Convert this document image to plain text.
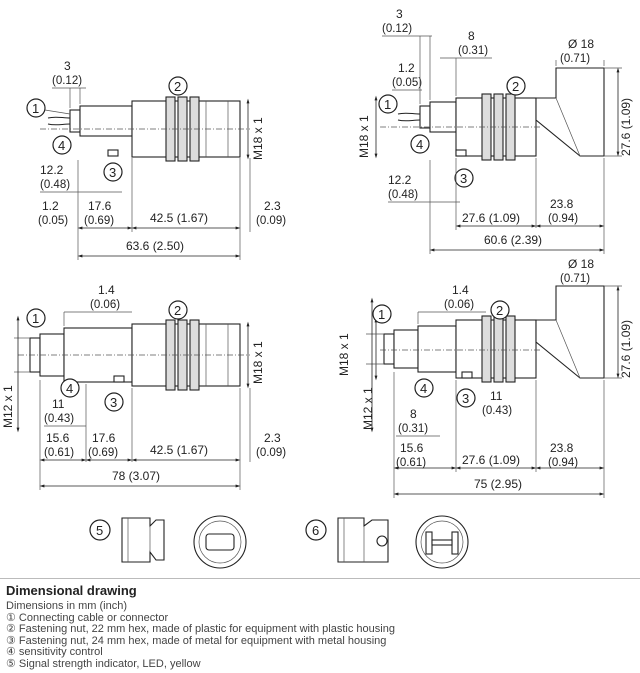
M18 x 1
2
1
4
3
3
(0.12)
12.2
(0.48)
1.2
(0.05)
17.6
(0.69)	42.5 (1.67)
2.3
(0.09)
63.6 (2.50)
M18 x 1	27.6 (1.09)
Ø 18
(0.71)
2
1
4
3
3
(0.12)	8
(0.31)
1.2
(0.05)
12.2
(0.48)
27.6 (1.09)
23.8
(0.94)
60.6 (2.39)
M18 x 1
M12 x 1
2
1
4
3
1.4
(0.06)
11
(0.43)
15.6
(0.61)
17.6
(0.69)	42.5 (1.67)
2.3
(0.09)
78 (3.07)
M18 x 1
M12 x 1
27.6 (1.09)
Ø 18
(0.71)
2
1
4
3
1.4
(0.06)
11
(0.43)
8
(0.31)
15.6
(0.61)	27.6 (1.09)
23.8
(0.94)
75 (2.95)
5	6
Dimensional drawing
Dimensions in mm (inch)
① Connecting cable or connector
② Fastening nut, 22 mm hex, made of plastic for equipment with plastic housing
③ Fastening nut, 24 mm hex, made of metal for equipment with metal housing
④ sensitivity control
⑤ Signal strength indicator, LED, yellow
